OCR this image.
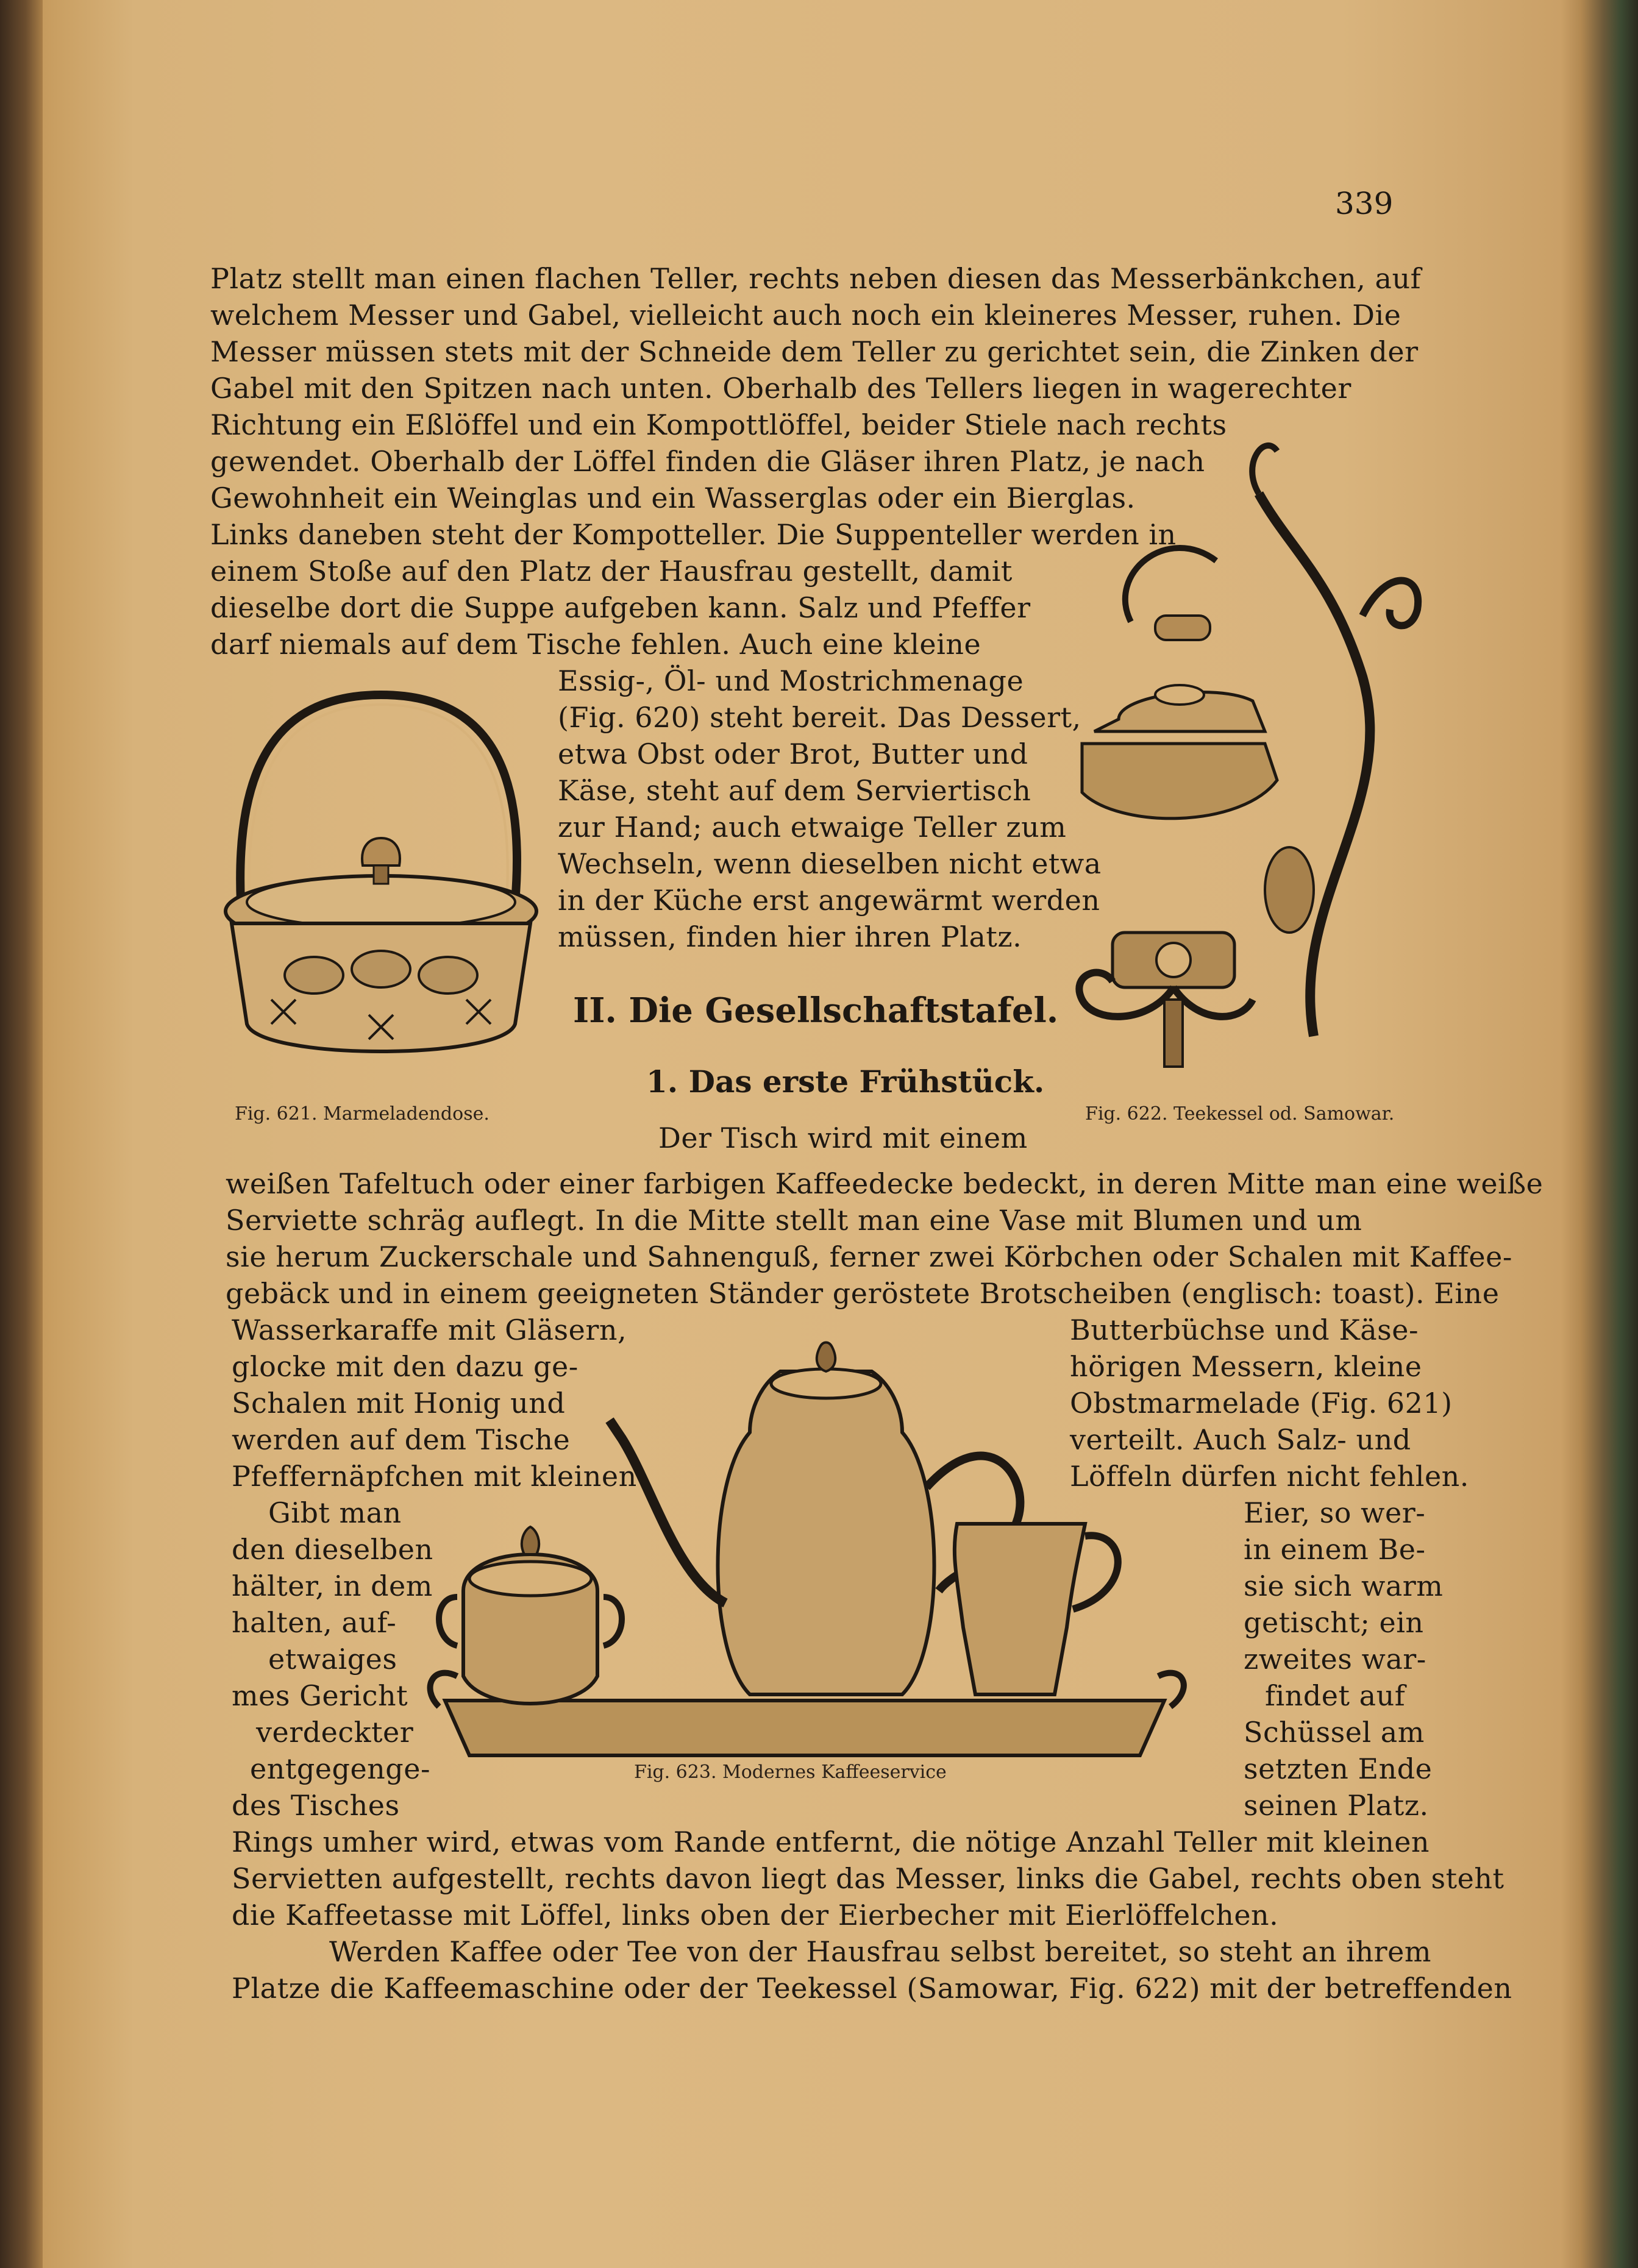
339
Platz stellt man einen flachen Teller, rechts neben diesen das Messerbänkchen, auf
welchem Messer und Gabel, vielleicht auch noch ein kleineres Messer, ruhen. Die
Messer müssen stets mit der Schneide dem Teller zu gerichtet sein, die Zinken der
Gabel mit den Spitzen nach unten. Oberhalb des Tellers liegen in wagerechter
Richtung ein Eßlöffel und ein Kompottlöffel, beider Stiele nach rechts
gewendet. Oberhalb der Löffel finden die Gläser ihren Platz, je nach
Gewohnheit ein Weinglas und ein Wasserglas oder ein Bierglas.
Links daneben steht der Kompotteller. Die Suppenteller werden in
einem Stoße auf den Platz der Hausfrau gestellt, damit
dieselbe dort die Suppe aufgeben kann. Salz und Pfeffer
darf niemals auf dem Tische fehlen. Auch eine kleine
Essig-, Öl- und Mostrichmenage
(Fig. 620) steht bereit. Das Dessert,
etwa Obst oder Brot, Butter und
Käse, steht auf dem Serviertisch
zur Hand; auch etwaige Teller zum
Wechseln, wenn dieselben nicht etwa
in der Küche erst angewärmt werden
müssen, finden hier ihren Platz.
II. Die Gesellschaftstafel.
1. Das erste Frühstück.
Der Tisch wird mit einem
weißen Tafeltuch oder einer farbigen Kaffeedecke bedeckt, in deren Mitte man eine weiße
Serviette schräg auflegt. In die Mitte stellt man eine Vase mit Blumen und um
sie herum Zuckerschale und Sahnenguß, ferner zwei Körbchen oder Schalen mit Kaffee-
gebäck und in einem geeigneten Ständer geröstete Brotscheiben (englisch: toast). Eine
Wasserkaraffe mit Gläsern,
glocke mit den dazu ge-
Schalen mit Honig und
werden auf dem Tische
Pfeffernäpfchen mit kleinen
Gibt man
den dieselben
hälter, in dem
halten, auf-
etwaiges
mes Gericht
verdeckter
entgegenge-
des Tisches
Butterbüchse und Käse-
hörigen Messern, kleine
Obstmarmelade (Fig. 621)
verteilt. Auch Salz- und
Löffeln dürfen nicht fehlen.
Eier, so wer-
in einem Be-
sie sich warm
getischt; ein
zweites war-
findet auf
Schüssel am
setzten Ende
seinen Platz.
Rings umher wird, etwas vom Rande entfernt, die nötige Anzahl Teller mit kleinen
Servietten aufgestellt, rechts davon liegt das Messer, links die Gabel, rechts oben steht
die Kaffeetasse mit Löffel, links oben der Eierbecher mit Eierlöffelchen.
Werden Kaffee oder Tee von der Hausfrau selbst bereitet, so steht an ihrem
Platze die Kaffeemaschine oder der Teekessel (Samowar, Fig. 622) mit der betreffenden
Fig. 621. Marmeladendose.	Fig. 622. Teekessel od. Samowar.
Fig. 623. Modernes Kaffeeservice
